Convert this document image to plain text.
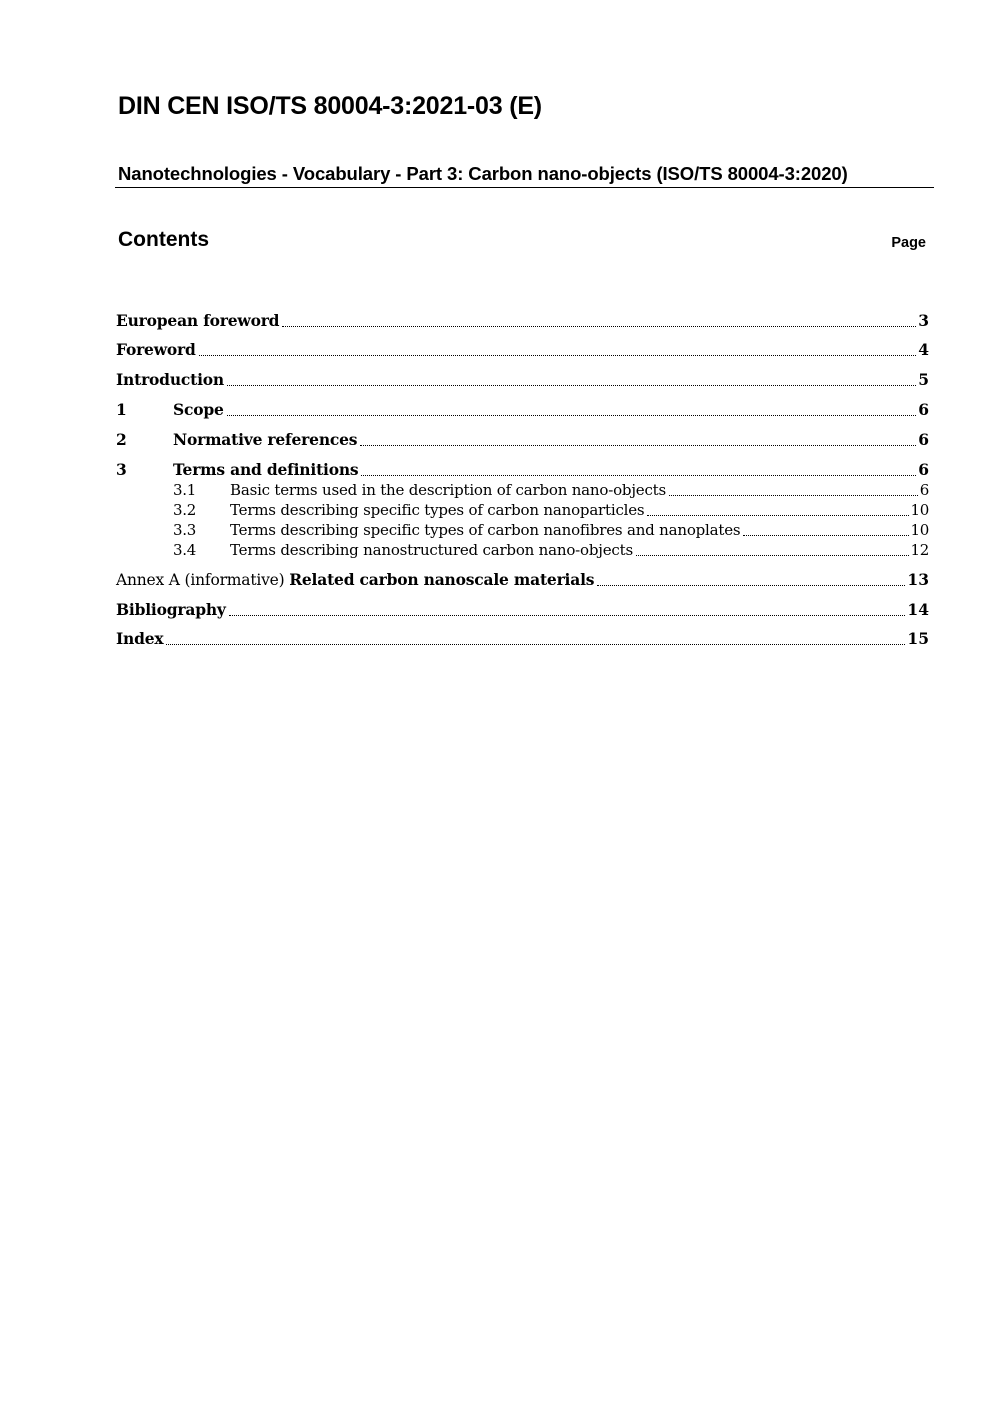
DIN CEN ISO/TS 80004-3:2021-03 (E)
Nanotechnologies - Vocabulary - Part 3: Carbon nano-objects (ISO/TS 80004-3:2020)
Contents	Page
European foreword	3
Foreword	4
Introduction	5
1	Scope	6
2	Normative references	6
3	Terms and definitions	6
3.1	Basic terms used in the description of carbon nano-objects	6
3.2	Terms describing specific types of carbon nanoparticles	10
3.3	Terms describing specific types of carbon nanofibres and nanoplates	10
3.4	Terms describing nanostructured carbon nano-objects	12
Annex A (informative) Related carbon nanoscale materials	13
Bibliography	14
Index	15
